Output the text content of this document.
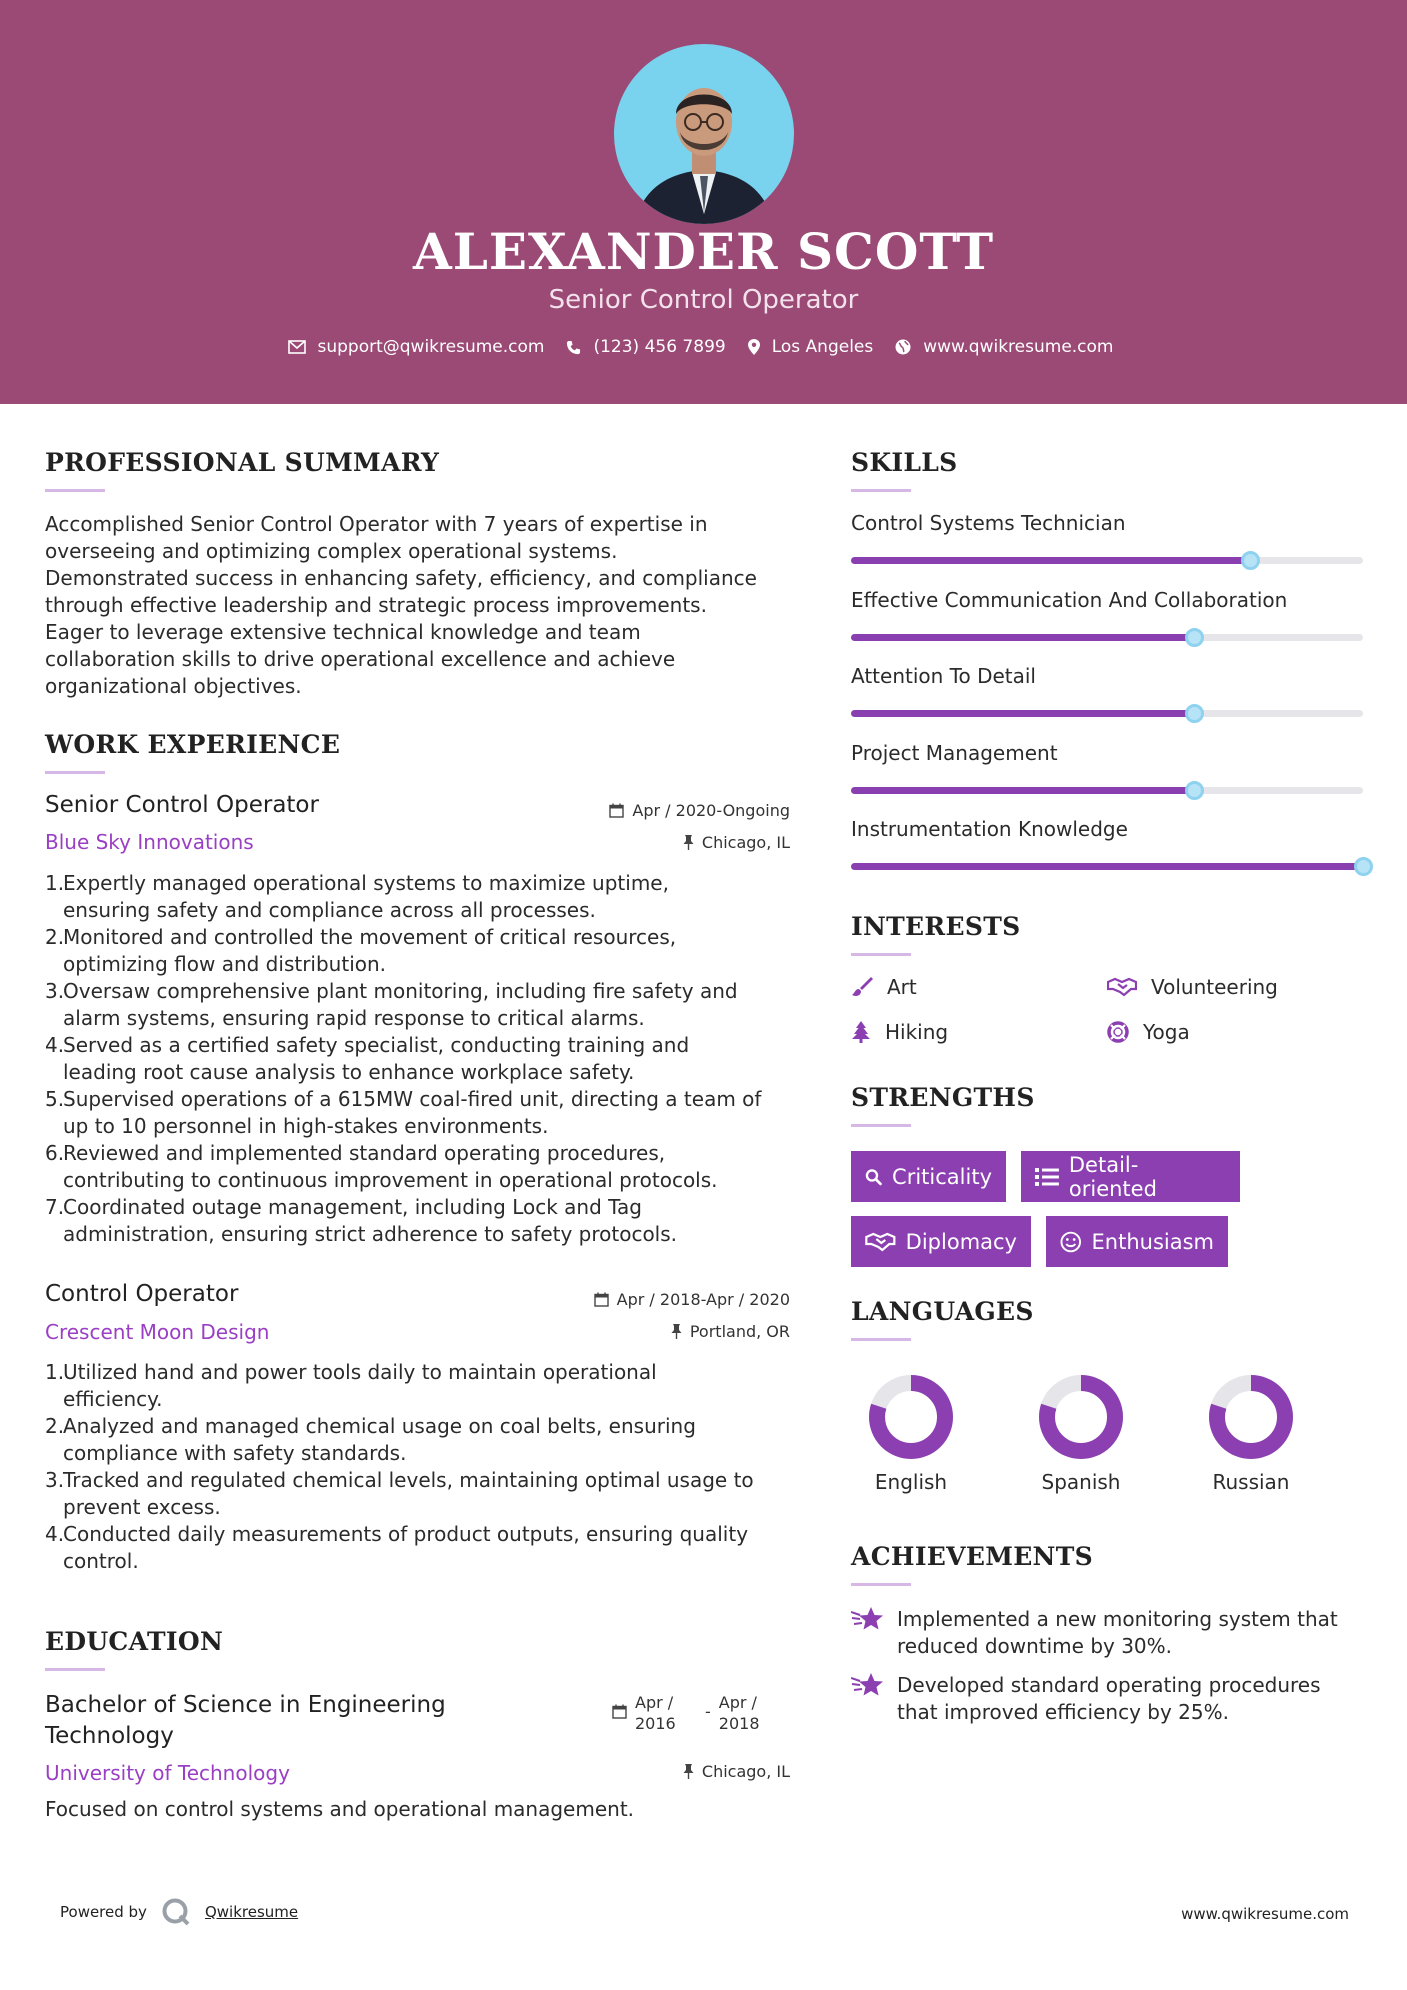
ALEXANDER SCOTT
Senior Control Operator
support@qwikresume.com	(123) 456 7899	Los Angeles	www.qwikresume.com
PROFESSIONAL SUMMARY
Accomplished Senior Control Operator with 7 years of expertise in
overseeing and optimizing complex operational systems.
Demonstrated success in enhancing safety, efficiency, and compliance
through effective leadership and strategic process improvements.
Eager to leverage extensive technical knowledge and team
collaboration skills to drive operational excellence and achieve
organizational objectives.
WORK EXPERIENCE
Senior Control Operator	Apr / 2020-Ongoing
Blue Sky Innovations	Chicago, IL
1.
Expertly managed operational systems to maximize uptime,
ensuring safety and compliance across all processes.
2.
Monitored and controlled the movement of critical resources,
optimizing flow and distribution.
3.
Oversaw comprehensive plant monitoring, including fire safety and
alarm systems, ensuring rapid response to critical alarms.
4.
Served as a certified safety specialist, conducting training and
leading root cause analysis to enhance workplace safety.
5.
Supervised operations of a 615MW coal-fired unit, directing a team of
up to 10 personnel in high-stakes environments.
6.
Reviewed and implemented standard operating procedures,
contributing to continuous improvement in operational protocols.
7.
Coordinated outage management, including Lock and Tag
administration, ensuring strict adherence to safety protocols.
Control Operator	Apr / 2018-Apr / 2020
Crescent Moon Design	Portland, OR
1.
Utilized hand and power tools daily to maintain operational
efficiency.
2.
Analyzed and managed chemical usage on coal belts, ensuring
compliance with safety standards.
3.
Tracked and regulated chemical levels, maintaining optimal usage to
prevent excess.
4.
Conducted daily measurements of product outputs, ensuring quality
control.
EDUCATION
Bachelor of Science in Engineering
Technology
Apr /
2016
- Apr /
2018
University of Technology	Chicago, IL
Focused on control systems and operational management.
SKILLS
Control Systems Technician
Effective Communication And Collaboration
Attention To Detail
Project Management
Instrumentation Knowledge
INTERESTS
Art	Volunteering
Hiking	Yoga
STRENGTHS
Criticality	Detail-oriented
Diplomacy	Enthusiasm
LANGUAGES
English	Spanish	Russian
ACHIEVEMENTS
Implemented a new monitoring system that
reduced downtime by 30%.
Developed standard operating procedures
that improved efficiency by 25%.
Powered by	Qwikresume	www.qwikresume.com
